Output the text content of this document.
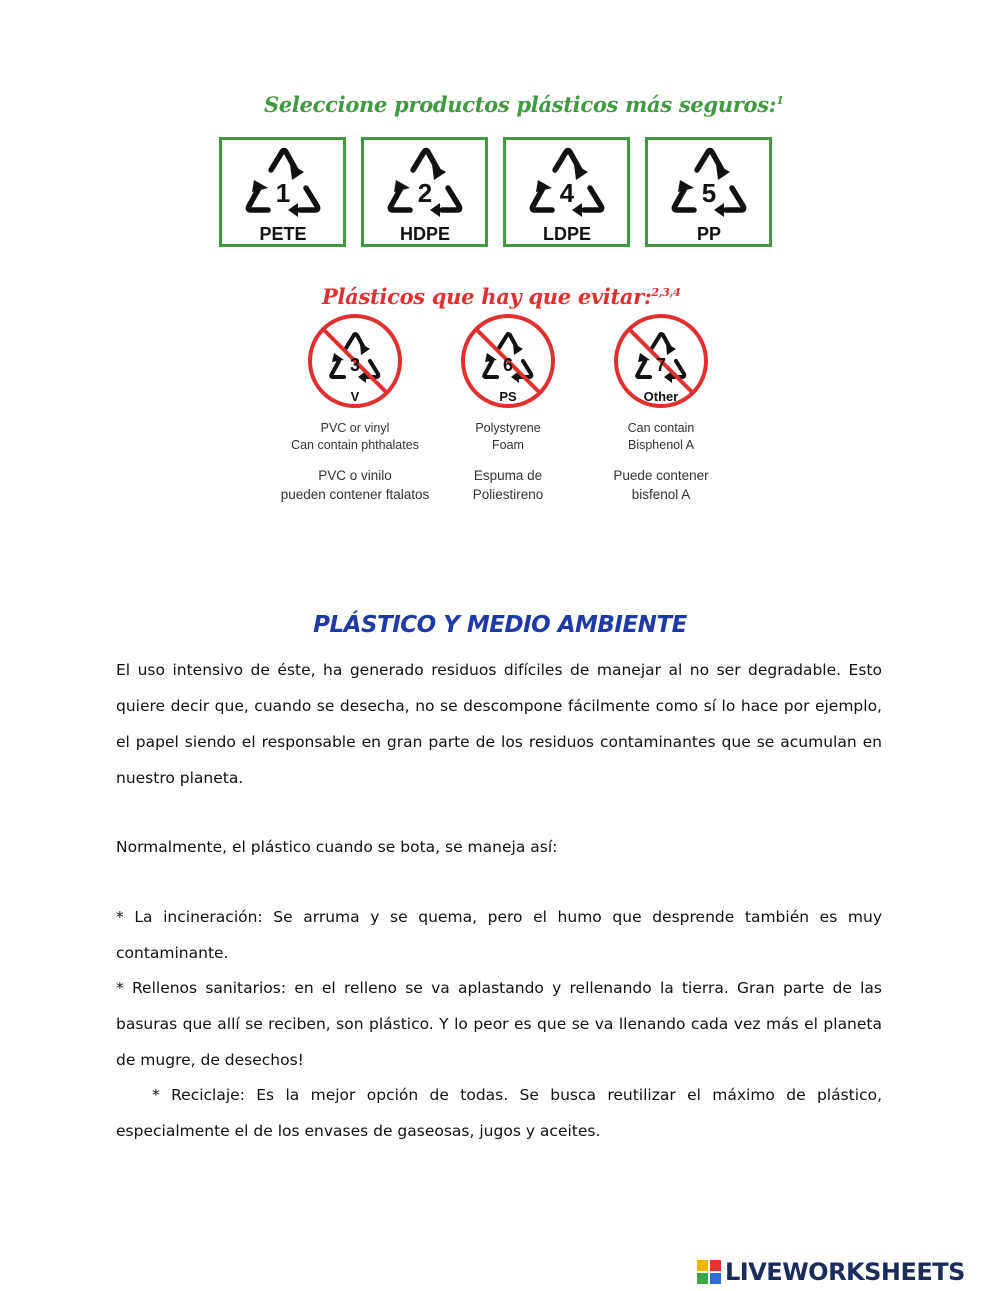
Seleccione productos plásticos más seguros:$^1$
1
PETE
2
HDPE
4
LDPE
5
PP
Plásticos que hay que evitar:$^{2,3,4}$
3
V
PVC or vinyl
Can contain phthalates
PVC o vinilo
pueden contener ftalatos
6
PS
Polystyrene
Foam
Espuma de
Poliestireno
7
Other
Can contain
Bisphenol A
Puede contener
bisfenol A
PLÁSTICO Y MEDIO AMBIENTE
El uso intensivo de éste, ha generado residuos difíciles de manejar al no ser degradable. Esto quiere decir que, cuando se desecha, no se descompone fácilmente como sí lo hace por ejemplo, el papel siendo el responsable en gran parte de los residuos contaminantes que se acumulan en nuestro planeta.
Normalmente, el plástico cuando se bota, se maneja así:
* La incineración: Se arruma y se quema, pero el humo que desprende también es muy contaminante.
* Rellenos sanitarios: en el relleno se va aplastando y rellenando la tierra. Gran parte de las basuras que allí se reciben, son plástico. Y lo peor es que se va llenando cada vez más el planeta de mugre, de desechos!
* Reciclaje: Es la mejor opción de todas. Se busca reutilizar el máximo de plástico, especialmente el de los envases de gaseosas, jugos y aceites.
LIVEWORKSHEETS
